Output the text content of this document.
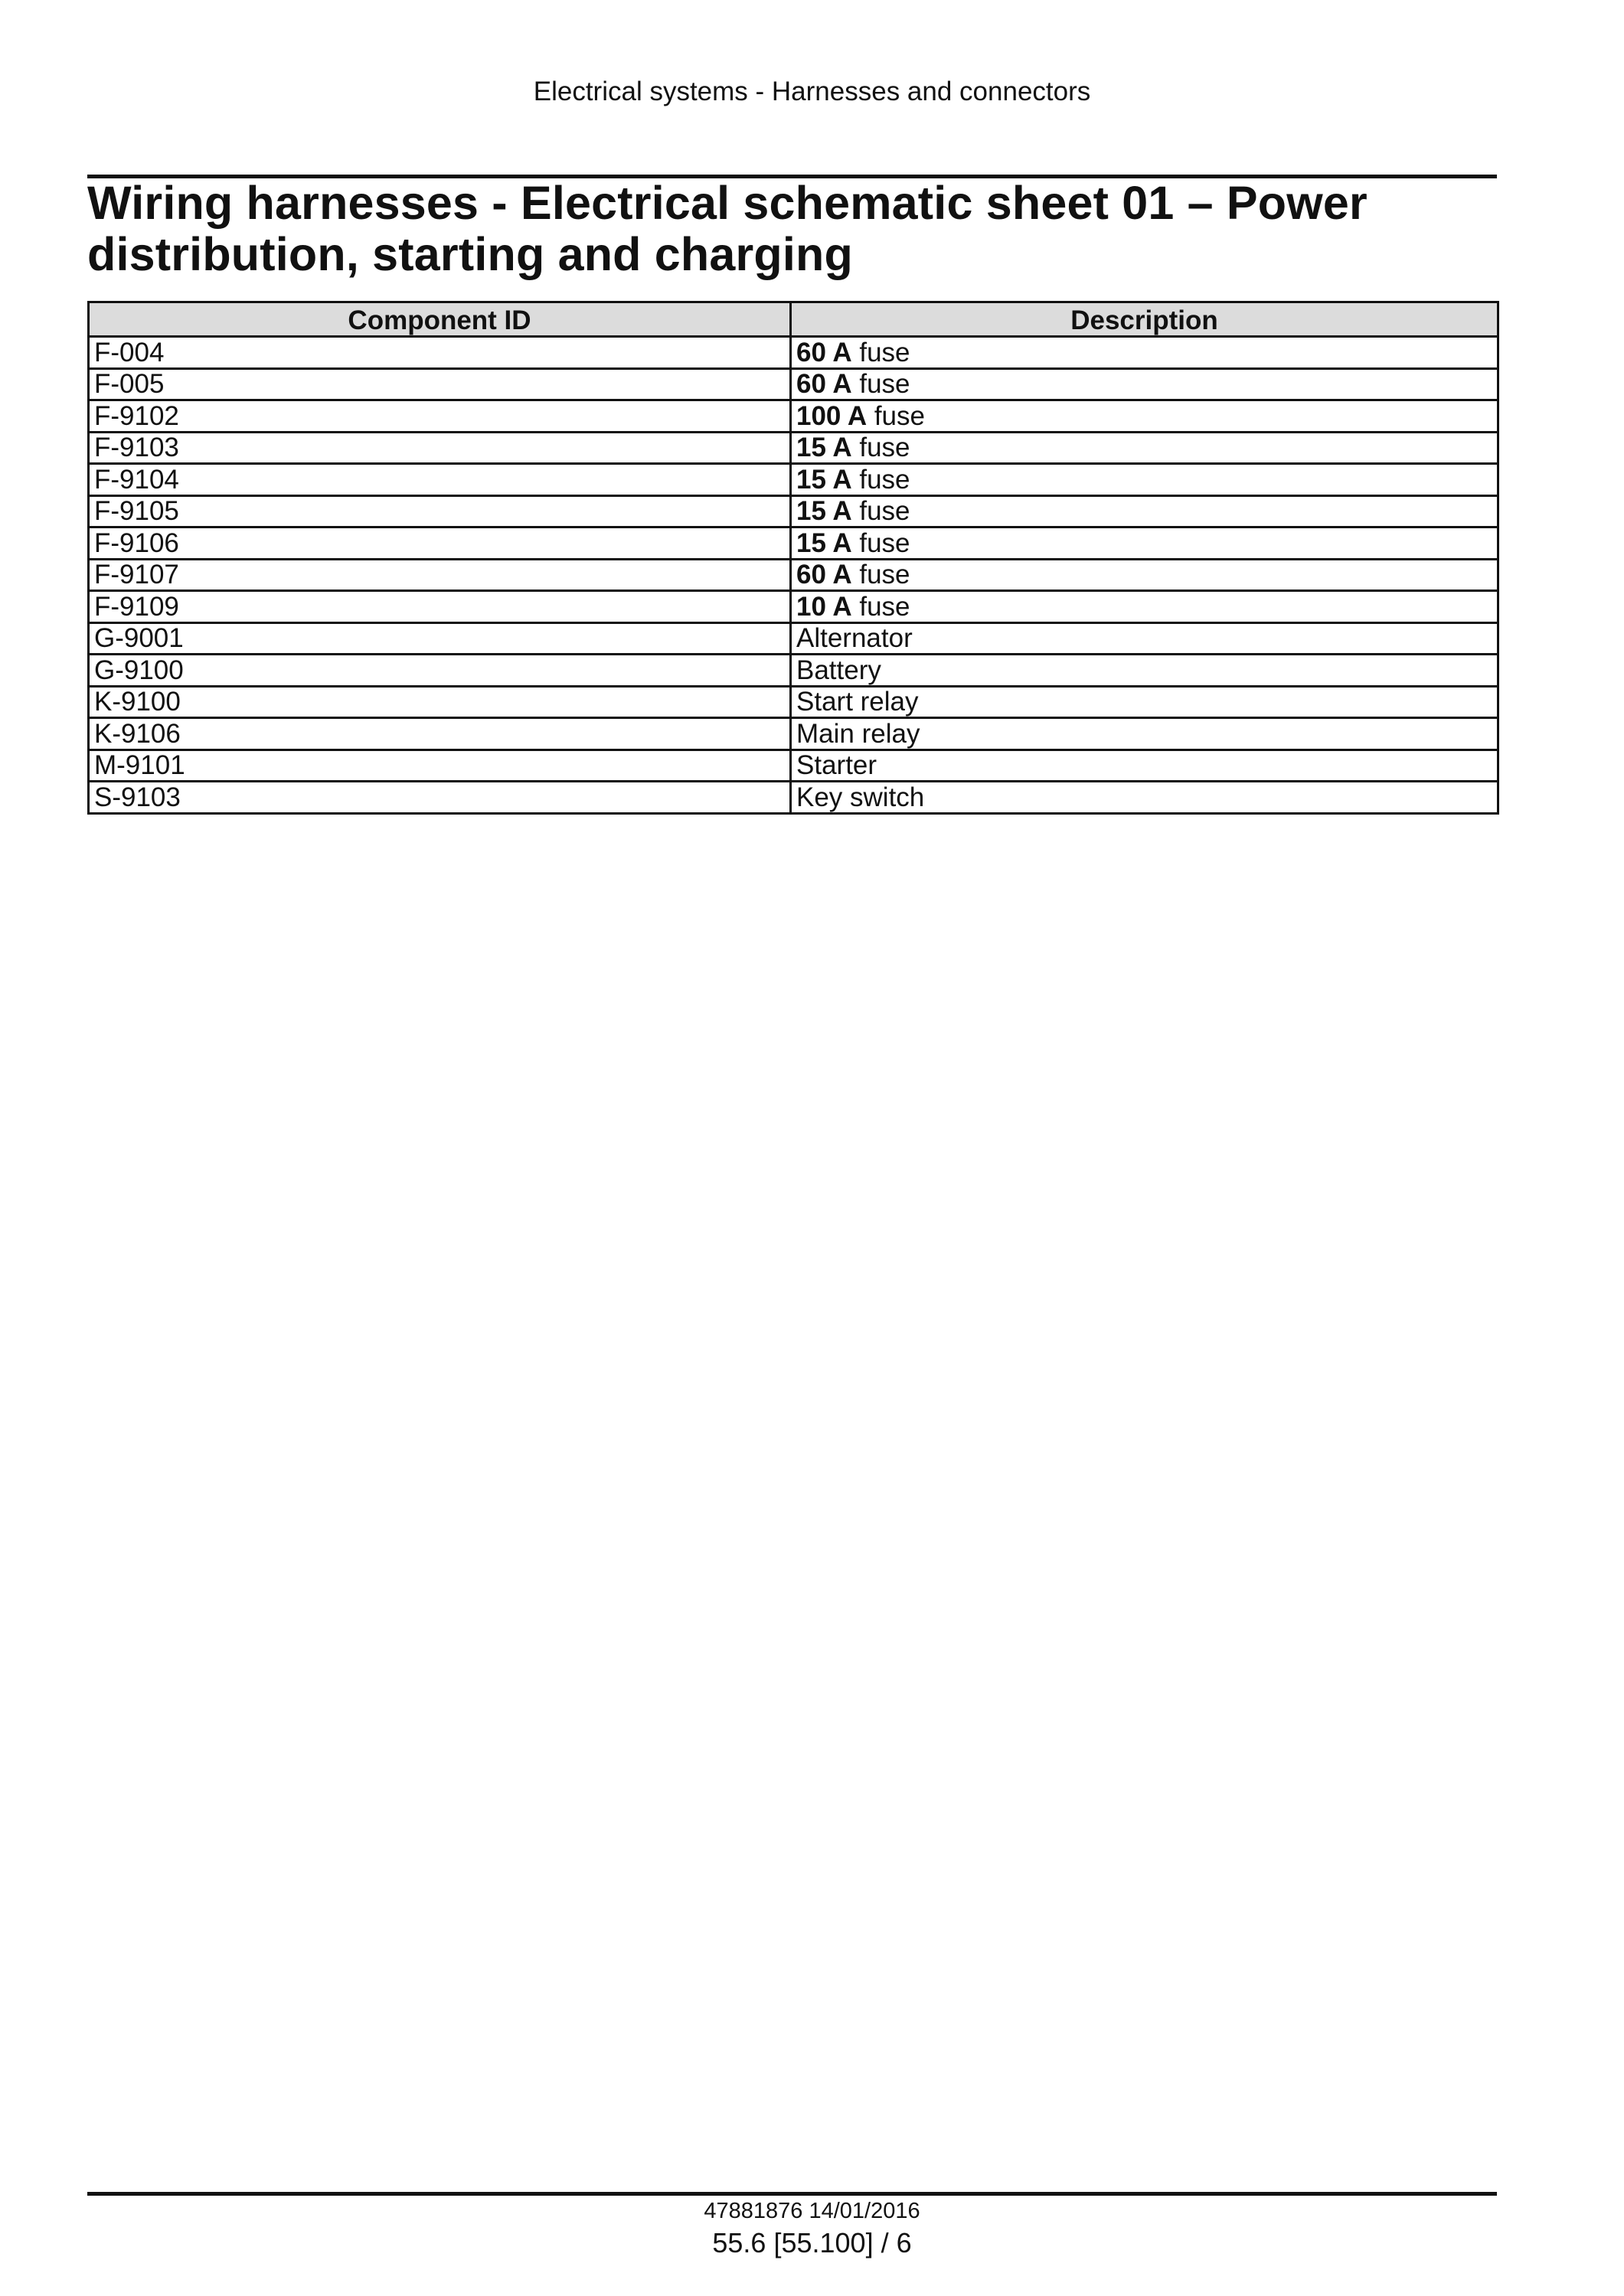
Electrical systems - Harnesses and connectors
Wiring harnesses - Electrical schematic sheet 01 – Power distribution, starting and charging
Component ID	Description
F-004	60 A fuse
F-005	60 A fuse
F-9102	100 A fuse
F-9103	15 A fuse
F-9104	15 A fuse
F-9105	15 A fuse
F-9106	15 A fuse
F-9107	60 A fuse
F-9109	10 A fuse
G-9001	Alternator
G-9100	Battery
K-9100	Start relay
K-9106	Main relay
M-9101	Starter
S-9103	Key switch
47881876 14/01/2016
55.6 [55.100] / 6
